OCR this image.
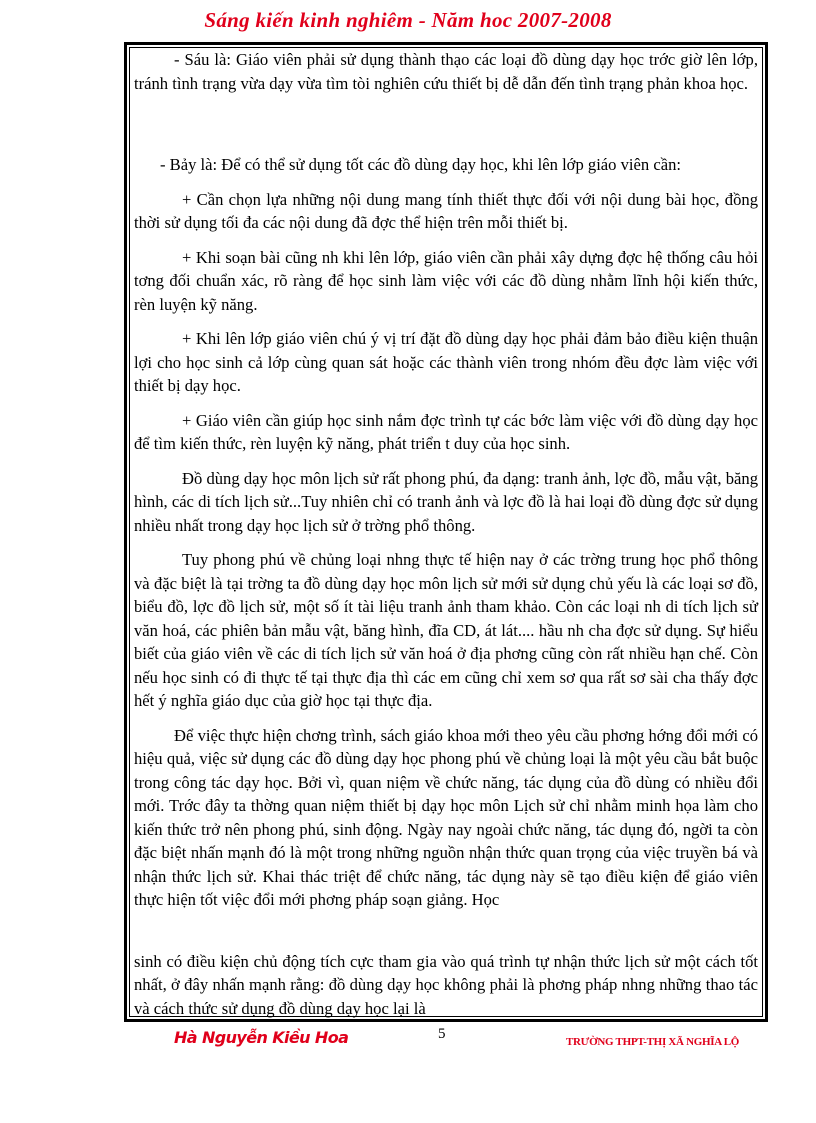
Sáng kiến kinh nghiêm - Năm hoc 2007-2008

- Sáu là: Giáo viên phải sử dụng thành thạo các loại đồ dùng dạy học trớc giờ lên lớp, tránh tình trạng vừa dạy vừa tìm tòi nghiên cứu thiết bị dễ dẫn đến tình trạng phản khoa học.

- Bảy là: Để có thể sử dụng tốt các đồ dùng dạy học, khi lên lớp giáo viên cần:

+ Cần chọn lựa những nội dung mang tính thiết thực đối với nội dung bài học, đồng thời sử dụng tối đa các nội dung đã đợc thể hiện trên mỗi thiết bị.

+ Khi soạn bài cũng nh khi lên lớp, giáo viên cần phải xây dựng đợc hệ thống câu hỏi tơng đối chuẩn xác, rõ ràng để học sinh làm việc với các đồ dùng nhằm lĩnh hội kiến thức, rèn luyện kỹ năng.

+ Khi lên lớp giáo viên chú ý vị trí đặt đồ dùng dạy học phải đảm bảo điều kiện thuận lợi cho học sinh cả lớp cùng quan sát hoặc các thành viên trong nhóm đều đợc làm việc với thiết bị dạy học.

+ Giáo viên cần giúp học sinh nắm đợc trình tự các bớc làm việc với đồ dùng dạy học để tìm kiến thức, rèn luyện kỹ năng, phát triển t duy của học sinh.

Đồ dùng dạy học môn lịch sử rất phong phú, đa dạng: tranh ảnh, lợc đồ, mẫu vật, băng hình, các di tích lịch sử...Tuy nhiên chỉ có tranh ảnh và lợc đồ là hai loại đồ dùng đợc sử dụng nhiều nhất trong dạy học lịch sử ở trờng phổ thông.

Tuy phong phú về chủng loại nhng thực tế hiện nay ở các trờng trung học phổ thông và đặc biệt là tại trờng ta đồ dùng dạy học môn lịch sử mới sử dụng chủ yếu là các loại sơ đồ, biểu đồ, lợc đồ lịch sử, một số ít tài liệu tranh ảnh tham khảo. Còn các loại nh di tích lịch sử văn hoá, các phiên bản mẫu vật, băng hình, đĩa CD, át lát.... hầu nh cha đợc sử dụng. Sự hiểu biết của giáo viên về các di tích lịch sử văn hoá ở địa phơng cũng còn rất nhiều hạn chế. Còn nếu học sinh có đi thực tế tại thực địa thì các em cũng chỉ xem sơ qua rất sơ sài cha thấy đợc hết ý nghĩa giáo dục của giờ học tại thực địa.

Để việc thực hiện chơng trình, sách giáo khoa mới theo yêu cầu phơng hớng đổi mới có hiệu quả, việc sử dụng các đồ dùng dạy học phong phú về chủng loại là một yêu cầu bắt buộc trong công tác dạy học. Bởi vì, quan niệm về chức năng, tác dụng của đồ dùng có nhiều đổi mới. Trớc đây ta thờng quan niệm thiết bị dạy học môn Lịch sử chỉ nhằm minh họa làm cho kiến thức trở nên phong phú, sinh động. Ngày nay ngoài chức năng, tác dụng đó, ngời ta còn đặc biệt nhấn mạnh đó là một trong những nguồn nhận thức quan trọng của việc truyền bá và nhận thức lịch sử. Khai thác triệt để chức năng, tác dụng này sẽ tạo điều kiện để giáo viên thực hiện tốt việc đổi mới phơng pháp soạn giảng. Học

sinh có điều kiện chủ động tích cực tham gia vào quá trình tự nhận thức lịch sử một cách tốt nhất, ở đây nhấn mạnh rằng: đồ dùng dạy học không phải là phơng pháp nhng những thao tác và cách thức sử dụng đồ dùng dạy học lại là

Hà Nguyễn Kiều Hoa	5	TRƯỜNG THPT-THỊ XÃ NGHĨA LỘ
